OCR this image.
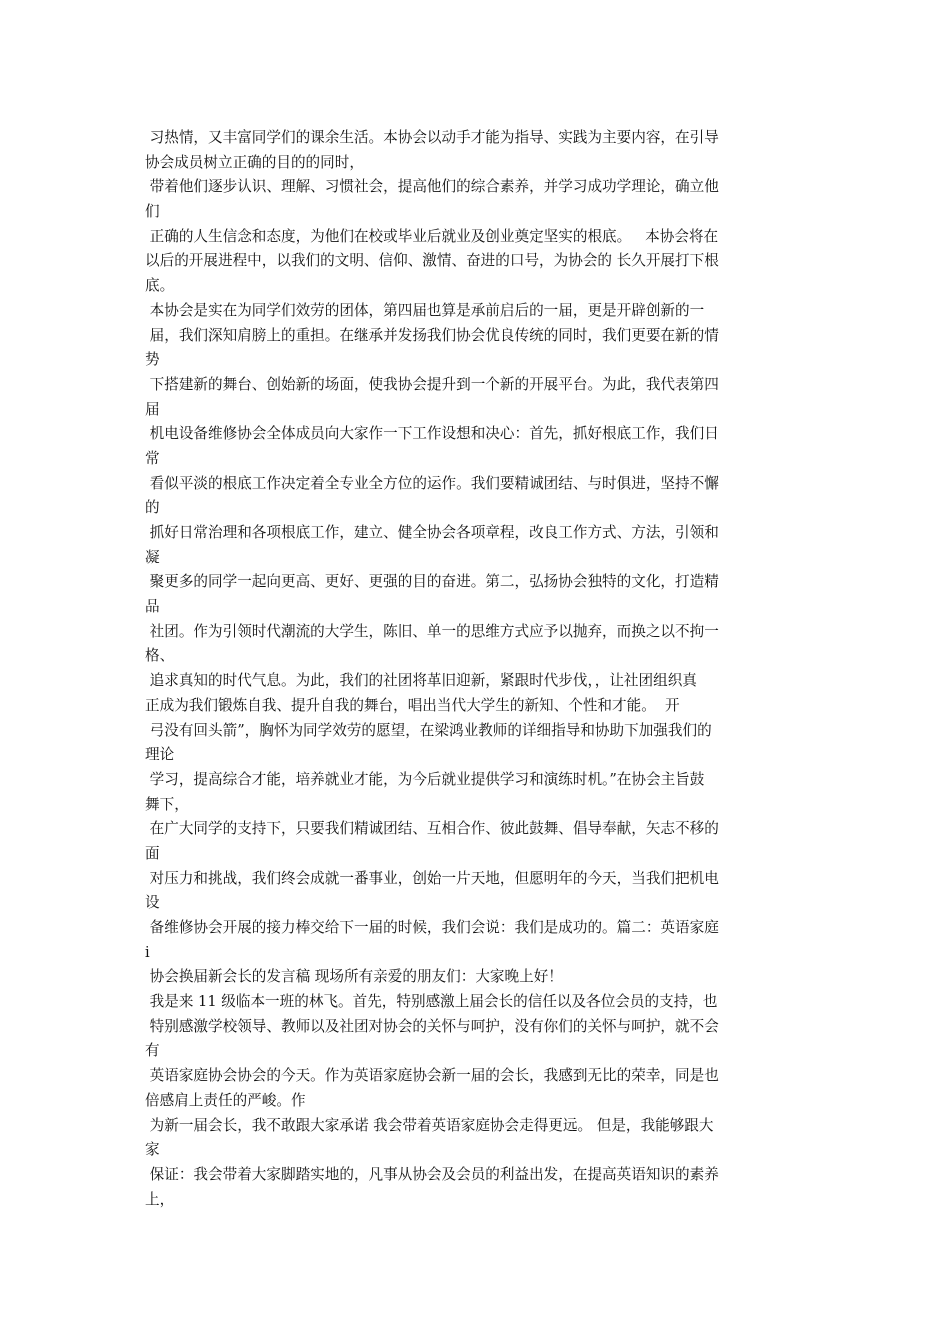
习热情，又丰富同学们的课余生活。本协会以动手才能为指导、实践为主要内容，在引导
协会成员树立正确的目的的同时，
带着他们逐步认识、理解、习惯社会，提高他们的综合素养，并学习成功学理论，确立他
们
正确的人生信念和态度，为他们在校或毕业后就业及创业奠定坚实的根底。   本协会将在
以后的开展进程中，以我们的文明、信仰、激情、奋进的口号，为协会的 长久开展打下根
底。
本协会是实在为同学们效劳的团体，第四届也算是承前启后的一届，更是开辟创新的一
届，我们深知肩膀上的重担。在继承并发扬我们协会优良传统的同时，我们更要在新的情
势
下搭建新的舞台、创始新的场面，使我协会提升到一个新的开展平台。为此，我代表第四
届
机电设备维修协会全体成员向大家作一下工作设想和决心：首先，抓好根底工作，我们日
常
看似平淡的根底工作决定着全专业全方位的运作。我们要精诚团结、与时俱进，坚持不懈
的
抓好日常治理和各项根底工作，建立、健全协会各项章程，改良工作方式、方法，引领和
凝
聚更多的同学一起向更高、更好、更强的目的奋进。第二，弘扬协会独特的文化，打造精
品
社团。作为引领时代潮流的大学生，陈旧、单一的思维方式应予以抛弃，而换之以不拘一
格、
追求真知的时代气息。为此，我们的社团将革旧迎新，紧跟时代步伐，，让社团组织真
正成为我们锻炼自我、提升自我的舞台，唱出当代大学生的新知、个性和才能。  开
弓没有回头箭”，胸怀为同学效劳的愿望，在梁鸿业教师的详细指导和协助下加强我们的
理论
学习，提高综合才能，培养就业才能，为今后就业提供学习和演练时机。”在协会主旨鼓
舞下，
在广大同学的支持下，只要我们精诚团结、互相合作、彼此鼓舞、倡导奉献，矢志不移的
面
对压力和挑战，我们终会成就一番事业，创始一片天地，但愿明年的今天，当我们把机电
设
备维修协会开展的接力棒交给下一届的时候，我们会说：我们是成功的。篇二：英语家庭
i
协会换届新会长的发言稿 现场所有亲爱的朋友们：大家晚上好！
我是来 11 级临本一班的林飞。首先，特别感激上届会长的信任以及各位会员的支持，也
特别感激学校领导、教师以及社团对协会的关怀与呵护，没有你们的关怀与呵护，就不会
有
英语家庭协会协会的今天。作为英语家庭协会新一届的会长，我感到无比的荣幸，同是也
倍感肩上责任的严峻。作
为新一届会长，我不敢跟大家承诺 我会带着英语家庭协会走得更远。 但是，我能够跟大
家
保证：我会带着大家脚踏实地的，凡事从协会及会员的利益出发，在提高英语知识的素养
上，
